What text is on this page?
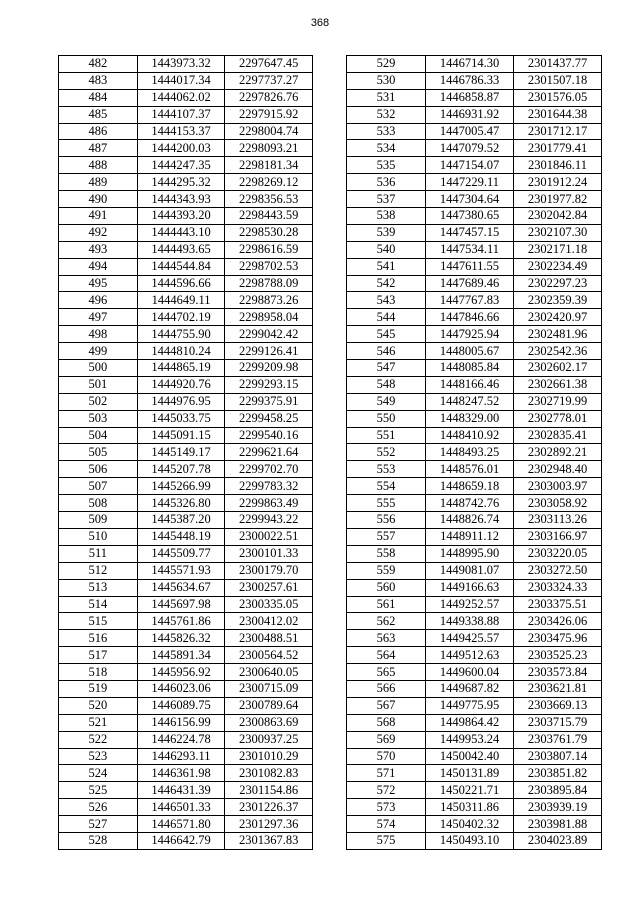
368
482	1443973.32	2297647.45
483	1444017.34	2297737.27
484	1444062.02	2297826.76
485	1444107.37	2297915.92
486	1444153.37	2298004.74
487	1444200.03	2298093.21
488	1444247.35	2298181.34
489	1444295.32	2298269.12
490	1444343.93	2298356.53
491	1444393.20	2298443.59
492	1444443.10	2298530.28
493	1444493.65	2298616.59
494	1444544.84	2298702.53
495	1444596.66	2298788.09
496	1444649.11	2298873.26
497	1444702.19	2298958.04
498	1444755.90	2299042.42
499	1444810.24	2299126.41
500	1444865.19	2299209.98
501	1444920.76	2299293.15
502	1444976.95	2299375.91
503	1445033.75	2299458.25
504	1445091.15	2299540.16
505	1445149.17	2299621.64
506	1445207.78	2299702.70
507	1445266.99	2299783.32
508	1445326.80	2299863.49
509	1445387.20	2299943.22
510	1445448.19	2300022.51
511	1445509.77	2300101.33
512	1445571.93	2300179.70
513	1445634.67	2300257.61
514	1445697.98	2300335.05
515	1445761.86	2300412.02
516	1445826.32	2300488.51
517	1445891.34	2300564.52
518	1445956.92	2300640.05
519	1446023.06	2300715.09
520	1446089.75	2300789.64
521	1446156.99	2300863.69
522	1446224.78	2300937.25
523	1446293.11	2301010.29
524	1446361.98	2301082.83
525	1446431.39	2301154.86
526	1446501.33	2301226.37
527	1446571.80	2301297.36
528	1446642.79	2301367.83
529	1446714.30	2301437.77
530	1446786.33	2301507.18
531	1446858.87	2301576.05
532	1446931.92	2301644.38
533	1447005.47	2301712.17
534	1447079.52	2301779.41
535	1447154.07	2301846.11
536	1447229.11	2301912.24
537	1447304.64	2301977.82
538	1447380.65	2302042.84
539	1447457.15	2302107.30
540	1447534.11	2302171.18
541	1447611.55	2302234.49
542	1447689.46	2302297.23
543	1447767.83	2302359.39
544	1447846.66	2302420.97
545	1447925.94	2302481.96
546	1448005.67	2302542.36
547	1448085.84	2302602.17
548	1448166.46	2302661.38
549	1448247.52	2302719.99
550	1448329.00	2302778.01
551	1448410.92	2302835.41
552	1448493.25	2302892.21
553	1448576.01	2302948.40
554	1448659.18	2303003.97
555	1448742.76	2303058.92
556	1448826.74	2303113.26
557	1448911.12	2303166.97
558	1448995.90	2303220.05
559	1449081.07	2303272.50
560	1449166.63	2303324.33
561	1449252.57	2303375.51
562	1449338.88	2303426.06
563	1449425.57	2303475.96
564	1449512.63	2303525.23
565	1449600.04	2303573.84
566	1449687.82	2303621.81
567	1449775.95	2303669.13
568	1449864.42	2303715.79
569	1449953.24	2303761.79
570	1450042.40	2303807.14
571	1450131.89	2303851.82
572	1450221.71	2303895.84
573	1450311.86	2303939.19
574	1450402.32	2303981.88
575	1450493.10	2304023.89
